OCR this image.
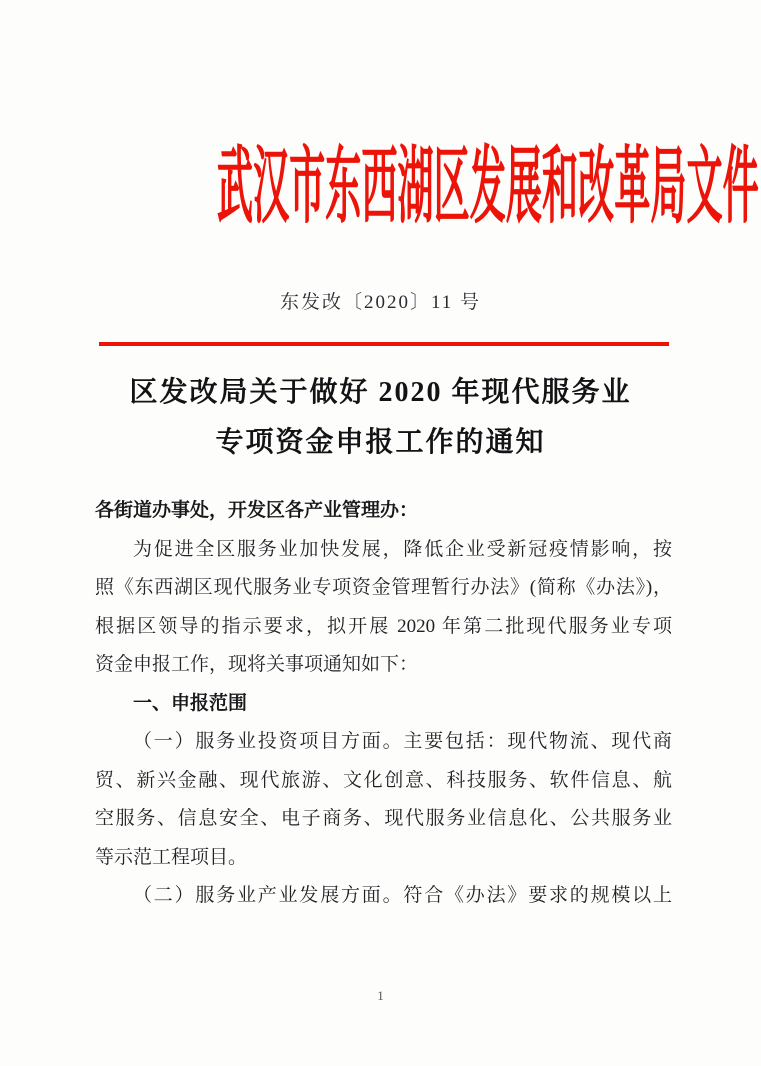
武汉市东西湖区发展和改革局文件
东发改〔2020〕11 号
区发改局关于做好 2020 年现代服务业
专项资金申报工作的通知
各街道办事处，开发区各产业管理办：
为促进全区服务业加快发展，降低企业受新冠疫情影响，按
照《东西湖区现代服务业专项资金管理暂行办法》(简称《办法》)，
根据区领导的指示要求，拟开展 2020 年第二批现代服务业专项
资金申报工作，现将关事项通知如下：
一、申报范围
（一）服务业投资项目方面。主要包括：现代物流、现代商
贸、新兴金融、现代旅游、文化创意、科技服务、软件信息、航
空服务、信息安全、电子商务、现代服务业信息化、公共服务业
等示范工程项目。
（二）服务业产业发展方面。符合《办法》要求的规模以上
1
